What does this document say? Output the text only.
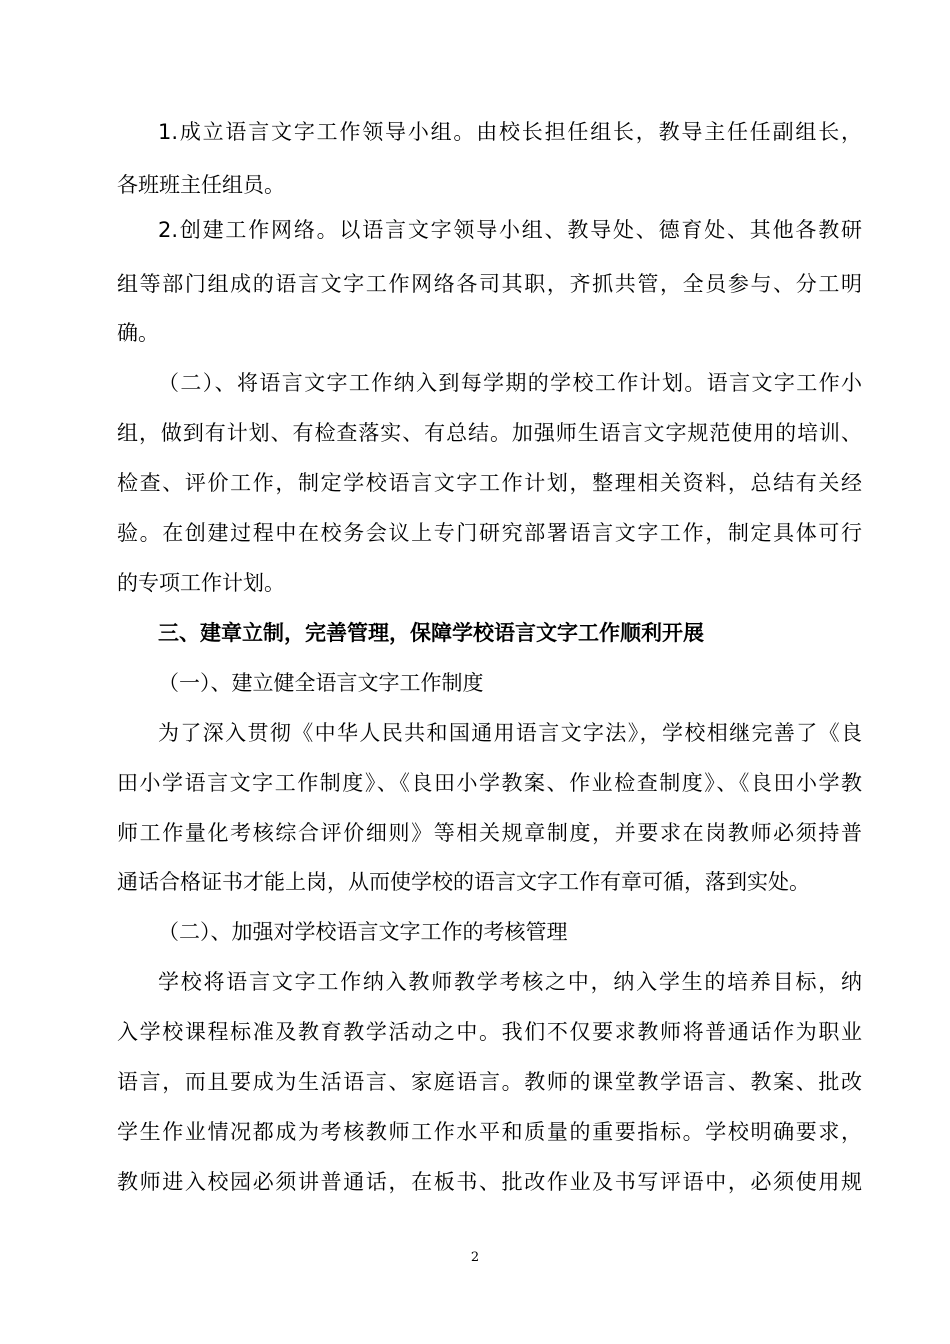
1.成立语言文字工作领导小组。由校长担任组长，教导主任任副组长，
各班班主任组员。
2.创建工作网络。以语言文字领导小组、教导处、德育处、其他各教研
组等部门组成的语言文字工作网络各司其职，齐抓共管，全员参与、分工明
确。
（二）、将语言文字工作纳入到每学期的学校工作计划。语言文字工作小
组，做到有计划、有检查落实、有总结。加强师生语言文字规范使用的培训、
检查、评价工作，制定学校语言文字工作计划，整理相关资料，总结有关经
验。在创建过程中在校务会议上专门研究部署语言文字工作，制定具体可行
的专项工作计划。
三、建章立制，完善管理，保障学校语言文字工作顺利开展
（一）、建立健全语言文字工作制度
为了深入贯彻《中华人民共和国通用语言文字法》，学校相继完善了《良
田小学语言文字工作制度》、《良田小学教案、作业检查制度》、《良田小学教
师工作量化考核综合评价细则》等相关规章制度，并要求在岗教师必须持普
通话合格证书才能上岗，从而使学校的语言文字工作有章可循，落到实处。
（二）、加强对学校语言文字工作的考核管理
学校将语言文字工作纳入教师教学考核之中，纳入学生的培养目标，纳
入学校课程标准及教育教学活动之中。我们不仅要求教师将普通话作为职业
语言，而且要成为生活语言、家庭语言。教师的课堂教学语言、教案、批改
学生作业情况都成为考核教师工作水平和质量的重要指标。学校明确要求，
教师进入校园必须讲普通话，在板书、批改作业及书写评语中，必须使用规
2
